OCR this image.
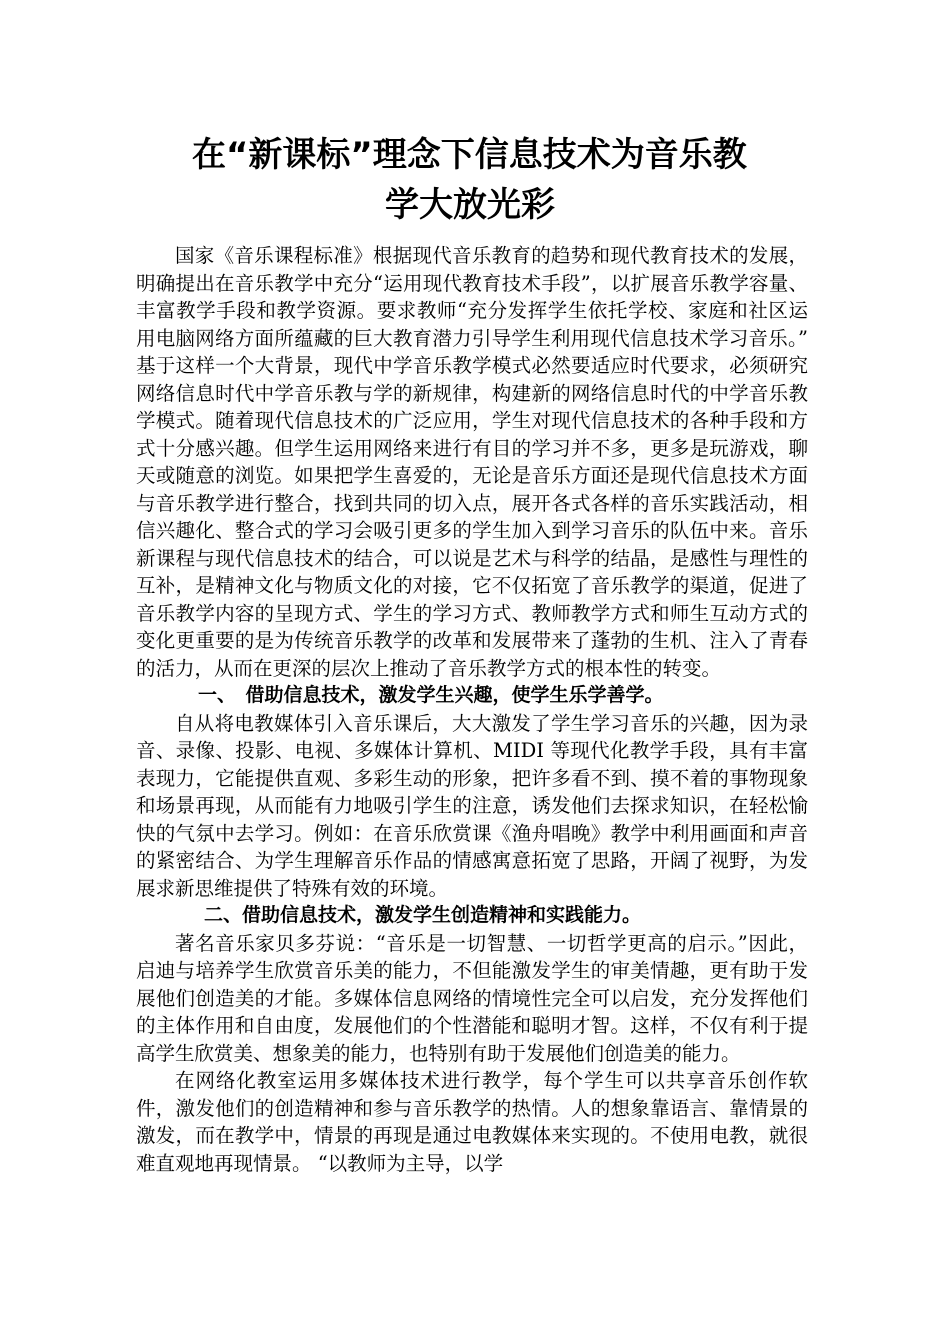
在“新课标”理念下信息技术为音乐教
学大放光彩

国家《音乐课程标准》根据现代音乐教育的趋势和现代教育技术的发展，明确提出在音乐教学中充分“运用现代教育技术手段”，以扩展音乐教学容量、丰富教学手段和教学资源。要求教师“充分发挥学生依托学校、家庭和社区运用电脑网络方面所蕴藏的巨大教育潜力引导学生利用现代信息技术学习音乐。” 基于这样一个大背景，现代中学音乐教学模式必然要适应时代要求，必须研究网络信息时代中学音乐教与学的新规律，构建新的网络信息时代的中学音乐教学模式。随着现代信息技术的广泛应用，学生对现代信息技术的各种手段和方式十分感兴趣。但学生运用网络来进行有目的学习并不多，更多是玩游戏，聊天或随意的浏览。如果把学生喜爱的，无论是音乐方面还是现代信息技术方面与音乐教学进行整合，找到共同的切入点，展开各式各样的音乐实践活动，相信兴趣化、整合式的学习会吸引更多的学生加入到学习音乐的队伍中来。音乐新课程与现代信息技术的结合，可以说是艺术与科学的结晶，是感性与理性的互补，是精神文化与物质文化的对接，它不仅拓宽了音乐教学的渠道，促进了音乐教学内容的呈现方式、学生的学习方式、教师教学方式和师生互动方式的变化更重要的是为传统音乐教学的改革和发展带来了蓬勃的生机、注入了青春的活力，从而在更深的层次上推动了音乐教学方式的根本性的转变。

一、　借助信息技术，激发学生兴趣，使学生乐学善学。

自从将电教媒体引入音乐课后，大大激发了学生学习音乐的兴趣，因为录音、录像、投影、电视、多媒体计算机、MIDI 等现代化教学手段，具有丰富表现力，它能提供直观、多彩生动的形象，把许多看不到、摸不着的事物现象和场景再现，从而能有力地吸引学生的注意，诱发他们去探求知识，在轻松愉快的气氛中去学习。例如：在音乐欣赏课《渔舟唱晚》教学中利用画面和声音的紧密结合、为学生理解音乐作品的情感寓意拓宽了思路，开阔了视野，为发展求新思维提供了特殊有效的环境。

二、借助信息技术，激发学生创造精神和实践能力。

著名音乐家贝多芬说：“音乐是一切智慧、一切哲学更高的启示。”因此，启迪与培养学生欣赏音乐美的能力，不但能激发学生的审美情趣，更有助于发展他们创造美的才能。多媒体信息网络的情境性完全可以启发，充分发挥他们的主体作用和自由度，发展他们的个性潜能和聪明才智。这样，不仅有利于提高学生欣赏美、想象美的能力，也特别有助于发展他们创造美的能力。

在网络化教室运用多媒体技术进行教学，每个学生可以共享音乐创作软件，激发他们的创造精神和参与音乐教学的热情。人的想象靠语言、靠情景的激发，而在教学中，情景的再现是通过电教媒体来实现的。不使用电教，就很难直观地再现情景。 “以教师为主导，以学
